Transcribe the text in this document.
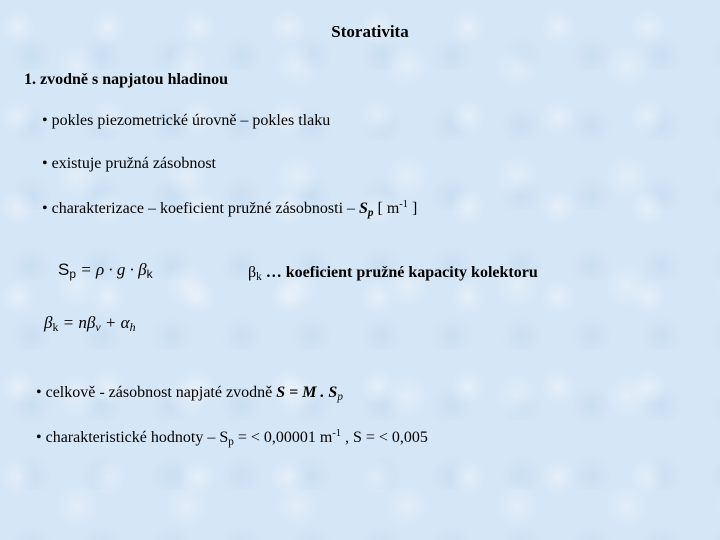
Storativita
1. zvodně s napjatou hladinou
• pokles piezometrické úrovně – pokles tlaku
• existuje pružná zásobnost
• charakterizace – koeficient pružné zásobnosti – $S_p$ [ $m^{-1}$ ]
$S_p = \rho \cdot g \cdot \beta_k$	$\beta_k$ … koeficient pružné kapacity kolektoru
$\beta_k = n\beta_v + \alpha_h$
• celkově - zásobnost napjaté zvodně S = M . $S_p$
• charakteristické hodnoty – $S_p$ = < 0,00001 $m^{-1}$ , S = < 0,005
